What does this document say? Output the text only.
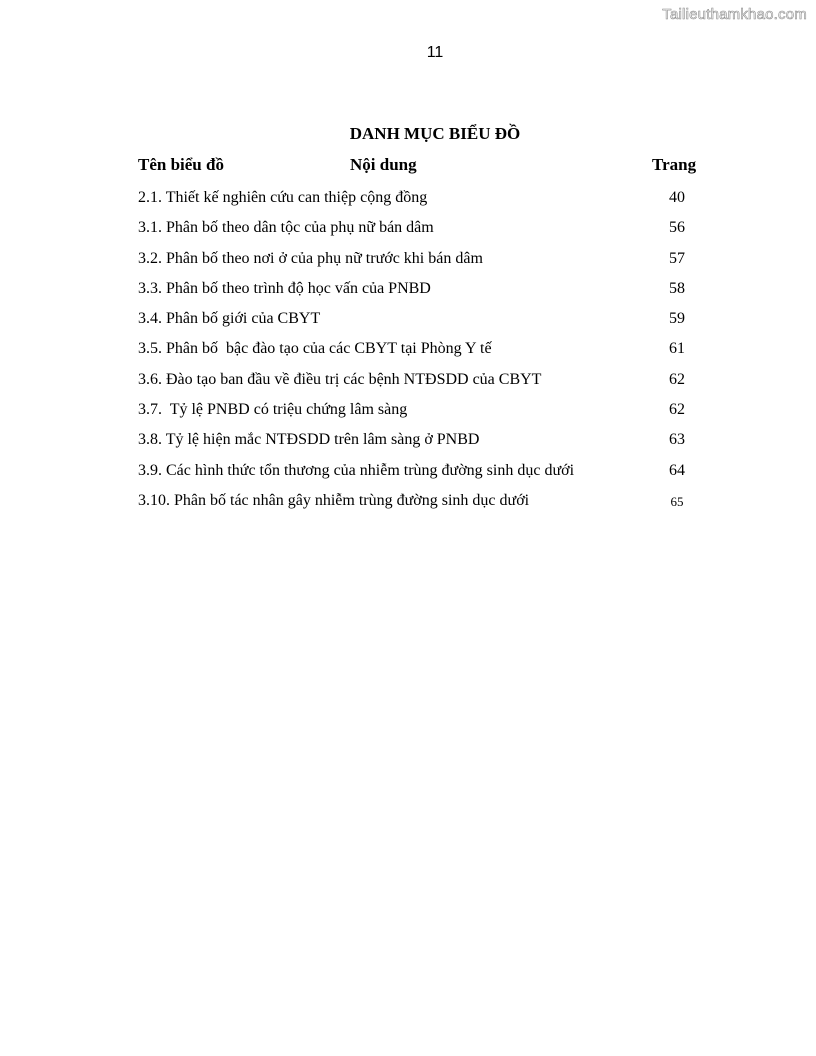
Tailieuthamkhao.com
11
DANH MỤC BIỂU ĐỒ
Tên biểu đồ	Nội dung	Trang
2.1. Thiết kế nghiên cứu can thiệp cộng đồng	40
3.1. Phân bố theo dân tộc của phụ nữ bán dâm	56
3.2. Phân bố theo nơi ở của phụ nữ trước khi bán dâm	57
3.3. Phân bố theo trình độ học vấn của PNBD	58
3.4. Phân bố giới của CBYT	59
3.5. Phân bố  bậc đào tạo của các CBYT tại Phòng Y tế	61
3.6. Đào tạo ban đầu về điều trị các bệnh NTĐSDD của CBYT	62
3.7.  Tỷ lệ PNBD có triệu chứng lâm sàng	62
3.8. Tỷ lệ hiện mắc NTĐSDD trên lâm sàng ở PNBD	63
3.9. Các hình thức tổn thương của nhiễm trùng đường sinh dục dưới	64
3.10. Phân bố tác nhân gây nhiễm trùng đường sinh dục dưới	65
